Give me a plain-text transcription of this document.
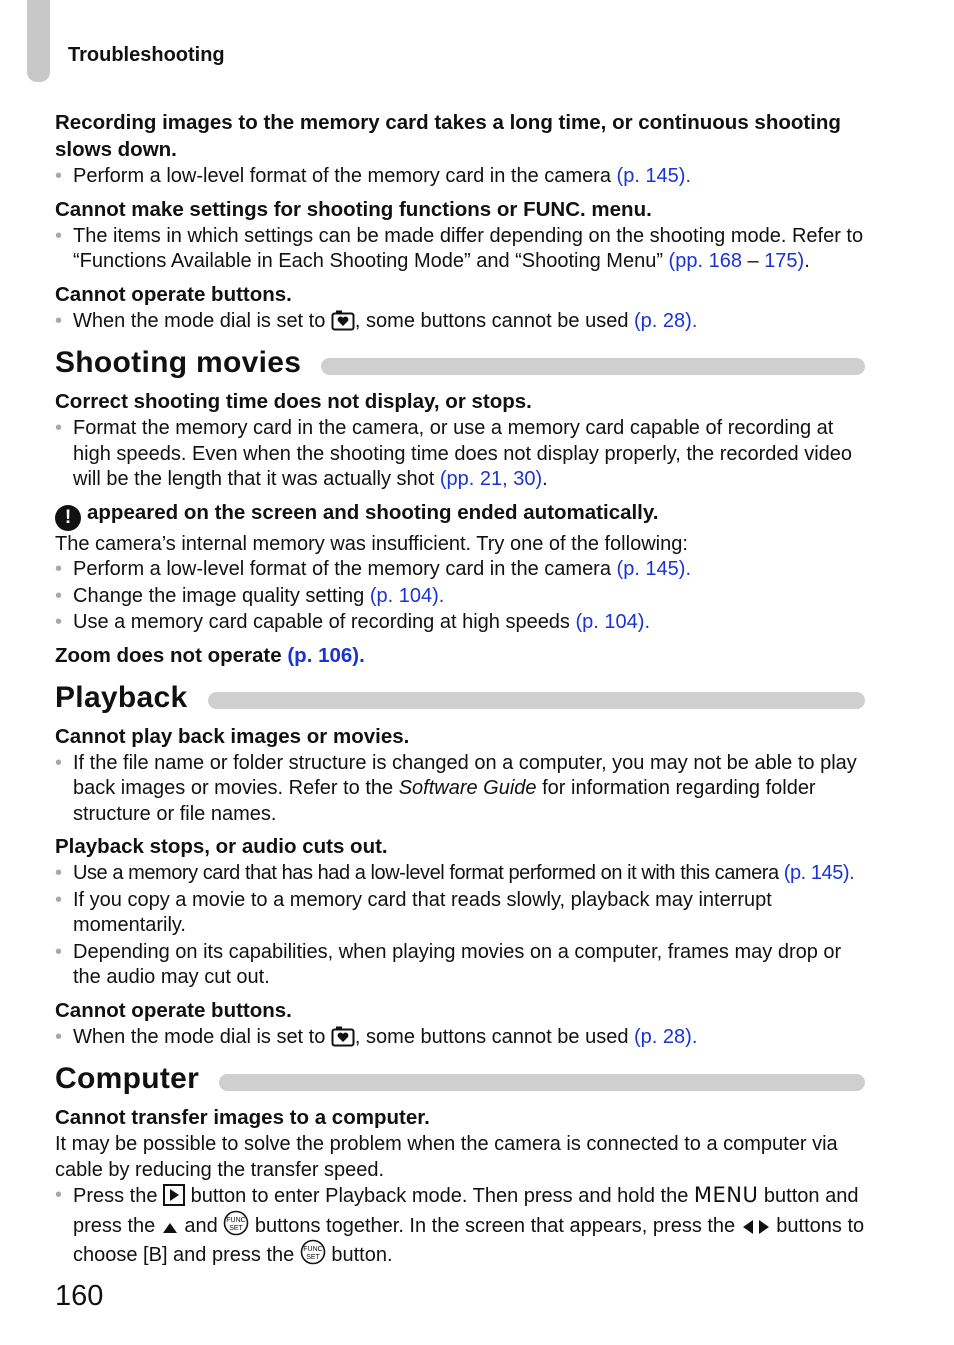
Troubleshooting
Recording images to the memory card takes a long time, or continuous shooting slows down.
• Perform a low-level format of the memory card in the camera (p. 145).
Cannot make settings for shooting functions or FUNC. menu.
• The items in which settings can be made differ depending on the shooting mode. Refer to “Functions Available in Each Shooting Mode” and “Shooting Menu” (pp. 168 – 175).
Cannot operate buttons.
• When the mode dial is set to , some buttons cannot be used (p. 28).
Shooting movies
Correct shooting time does not display, or stops.
• Format the memory card in the camera, or use a memory card capable of recording at high speeds. Even when the shooting time does not display properly, the recorded video will be the length that it was actually shot (pp. 21, 30).
! appeared on the screen and shooting ended automatically.

The camera’s internal memory was insufficient. Try one of the following:

• Perform a low-level format of the memory card in the camera (p. 145).
• Change the image quality setting (p. 104).
• Use a memory card capable of recording at high speeds (p. 104).
Zoom does not operate (p. 106).
Playback
Cannot play back images or movies.
• If the file name or folder structure is changed on a computer, you may not be able to play back images or movies. Refer to the Software Guide for information regarding folder structure or file names.
Playback stops, or audio cuts out.
• Use a memory card that has had a low-level format performed on it with this camera (p. 145).
• If you copy a movie to a memory card that reads slowly, playback may interrupt momentarily.
• Depending on its capabilities, when playing movies on a computer, frames may drop or the audio may cut out.
Cannot operate buttons.
• When the mode dial is set to , some buttons cannot be used (p. 28).
Computer
Cannot transfer images to a computer.

It may be possible to solve the problem when the camera is connected to a computer via cable by reducing the transfer speed.

• Press the  button to enter Playback mode. Then press and hold the MENU button and press the  and FUNC
SET buttons together. In the screen that appears, press the  buttons to choose [B] and press the FUNC
SET button.
160
